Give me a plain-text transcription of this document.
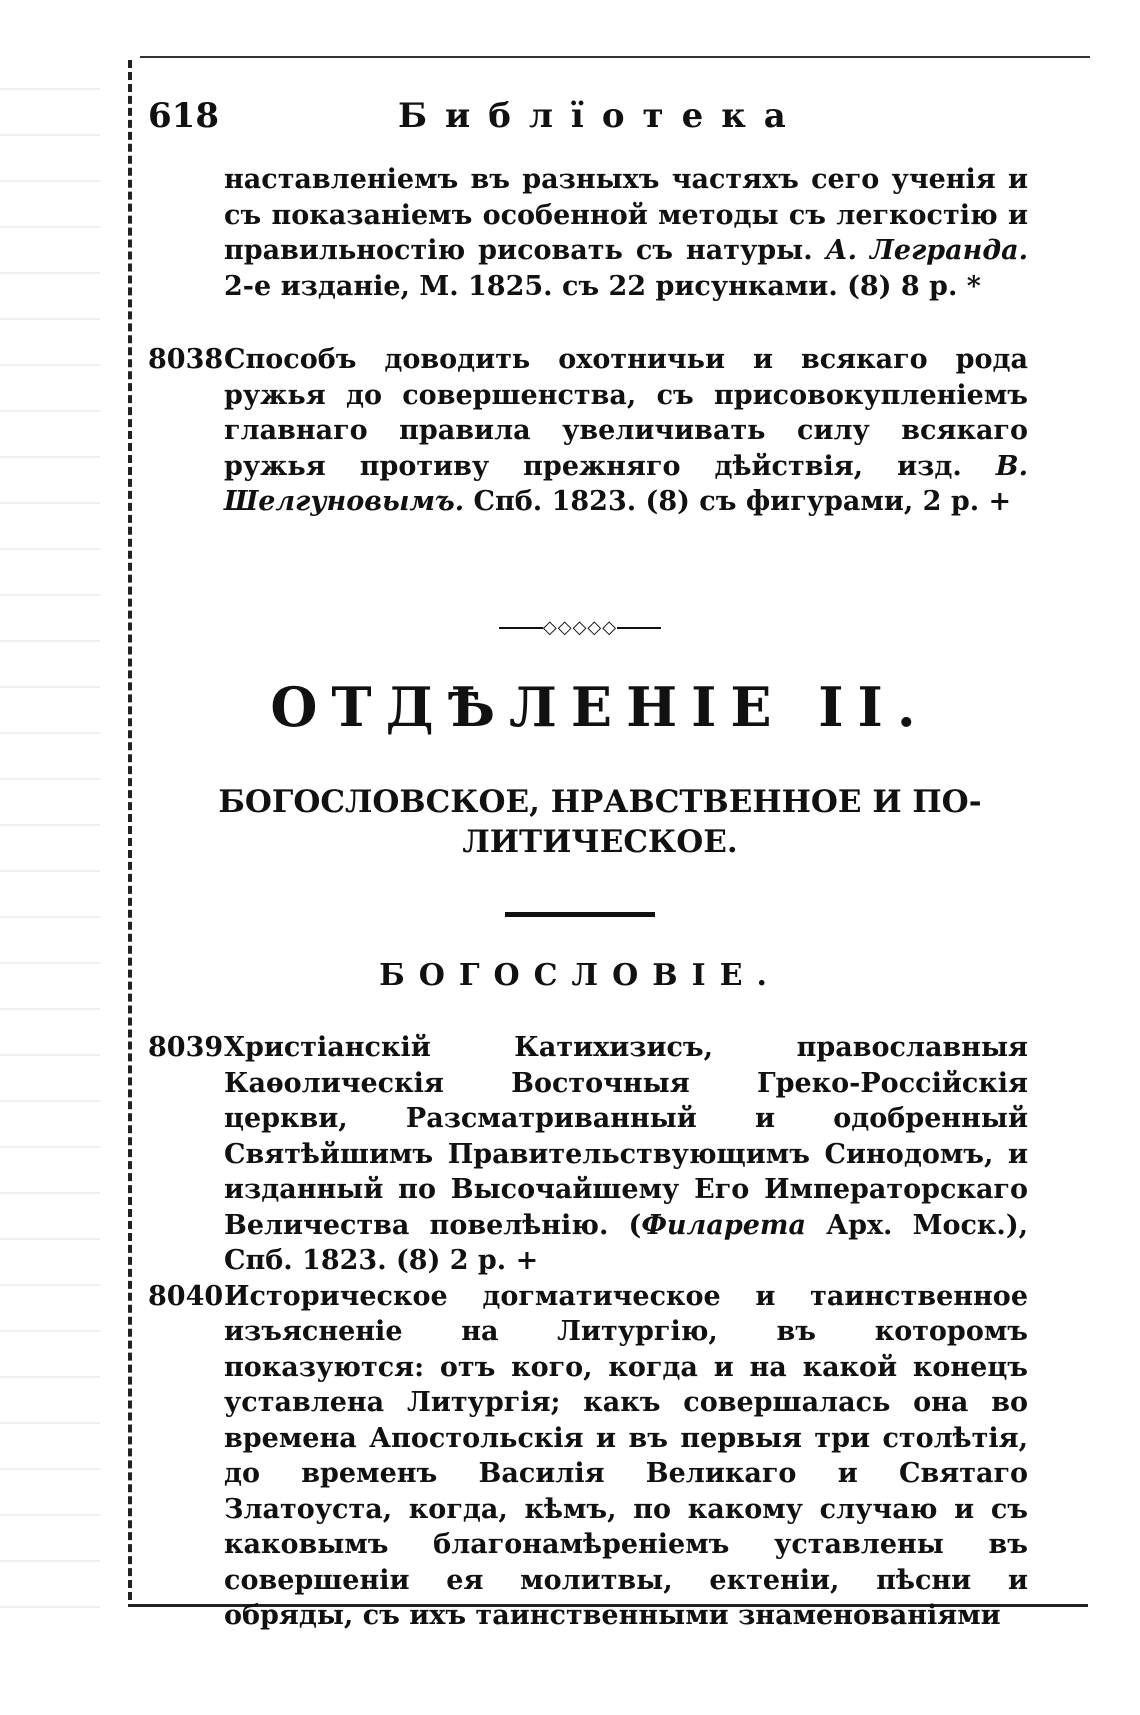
618	Библїотека
наставленіемъ въ разныхъ частяхъ сего ученія и съ показаніемъ особенной методы съ легкостію и правильностію рисовать съ натуры. А. Легранда. 2-е изданіе, М. 1825. съ 22 рисунками. (8) 8 р. *
8038 Способъ доводить охотничьи и всякаго рода ружья до совершенства, съ присовокупленіемъ главнаго правила увеличивать силу всякаго ружья противу прежняго дѣйствія, изд. В. Шелгуновымъ. Спб. 1823. (8) съ фигурами, 2 р. +
◇◇◇◇◇
ОТДѢЛЕНІЕ II.
БОГОСЛОВСКОЕ, НРАВСТВЕННОЕ И ПО-
ЛИТИЧЕСКОЕ.
БОГОСЛОВІЕ.
8039 Христіанскій Катихизисъ, православныя Каѳолическія Восточныя Греко-Россійскія церкви, Разсматриванный и одобренный Святѣйшимъ Правительствующимъ Синодомъ, и изданный по Высочайшему Его Императорскаго Величества повелѣнію. (Филарета Арх. Моск.), Спб. 1823. (8) 2 р. +
8040 Историческое догматическое и таинственное изъясненіе на Литургію, въ которомъ показуются: отъ кого, когда и на какой конецъ уставлена Литургія; какъ совершалась она во времена Апостольскія и въ первыя три столѣтія, до временъ Василія Великаго и Святаго Златоуста, когда, кѣмъ, по какому случаю и съ каковымъ благонамѣреніемъ уставлены въ совершеніи ея молитвы, ектеніи, пѣсни и обряды, съ ихъ таинственными знаменованіями
